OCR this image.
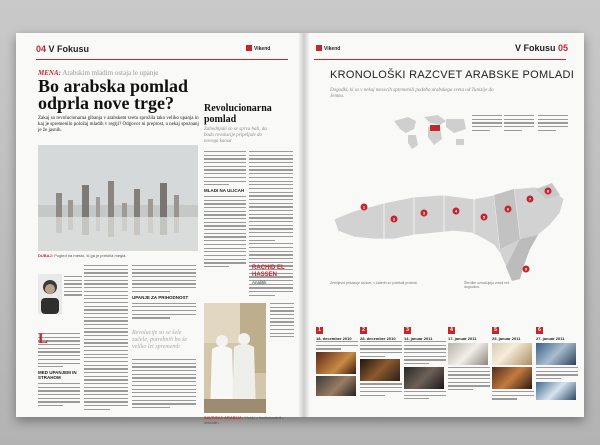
04 V Fokusu	Vikend
MENA: Arabskim mladim ostaja le upanje
Bo arabska pomlad odprla nove trge?
Zakaj so revolucionarna gibanja v arabskem svetu sprožila tako veliko upanja in kaj je spremenilo položaj mladih v regiji? Odgovor ni preprost, a nekaj spoznanj je že jasnih.
DUBAJ: Pogled na mesto, ki ga je prekrila megla.
Revolucionarna pomlad
Zahodnjaki so se sprva bali, da bodo revolucije pripeljale do novega kaosa
MLADI NA ULICAH
RACHID EL HASSEN
Analitik
UPANJE ZA PRIHODNOST
Revolucije so se šele začele, potrebnih bo še veliko let sprememb
L
MED UPANJEM IN STRAHOM
SAVDSKA ARABIJA: Moški v tradicionalnih oblačilih.
Vikend	V Fokusu 05
KRONOLOŠKI RAZCVET ARABSKE POMLADI
Dogodki, ki so v nekaj mesecih spremenili podobo arabskega sveta od Tunizije do Jemna.
1
2
3	4
5
6
7
8
9
Zemljevid prikazuje države, v katerih so potekali protesti.	Številke označujejo vrstni red dogodkov.
1
18. december 2010
2
28. december 2010
3
14. januar 2011
4
17. januar 2011
5
25. januar 2011
6
27. januar 2011
